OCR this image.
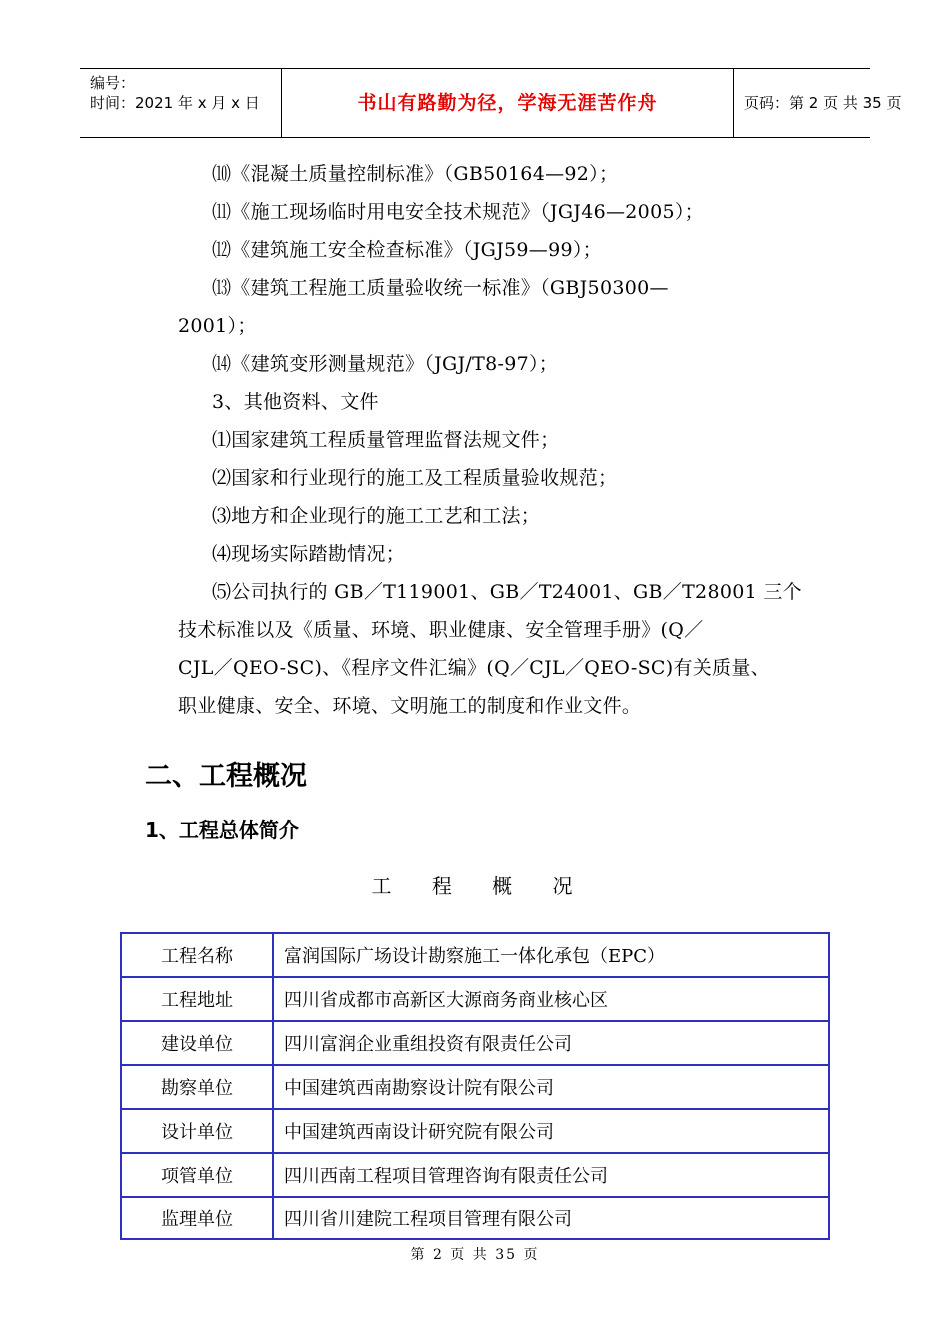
编号：
时间：2021 年 x 月 x 日	书山有路勤为径，学海无涯苦作舟	页码：第 2 页 共 35 页
⑽《混凝土质量控制标准》（GB50164—92）；
⑾《施工现场临时用电安全技术规范》（JGJ46—2005）；
⑿《建筑施工安全检查标准》（JGJ59—99）；
⒀《建筑工程施工质量验收统一标准》（GBJ50300—
2001）；
⒁《建筑变形测量规范》（JGJ/T8-97）；
3、其他资料、文件
⑴国家建筑工程质量管理监督法规文件；
⑵国家和行业现行的施工及工程质量验收规范；
⑶地方和企业现行的施工工艺和工法；
⑷现场实际踏勘情况；
⑸公司执行的 GB／T119001、GB／T24001、GB／T28001 三个
技术标准以及《质量、环境、职业健康、安全管理手册》(Q／
CJL／QEO-SC)、《程序文件汇编》(Q／CJL／QEO-SC)有关质量、
职业健康、安全、环境、文明施工的制度和作业文件。
二、工程概况
1、工程总体简介
工 程 概 况
工程名称	富润国际广场设计勘察施工一体化承包（EPC）
工程地址	四川省成都市高新区大源商务商业核心区
建设单位	四川富润企业重组投资有限责任公司
勘察单位	中国建筑西南勘察设计院有限公司
设计单位	中国建筑西南设计研究院有限公司
项管单位	四川西南工程项目管理咨询有限责任公司
监理单位	四川省川建院工程项目管理有限公司
第 2 页 共 35 页
